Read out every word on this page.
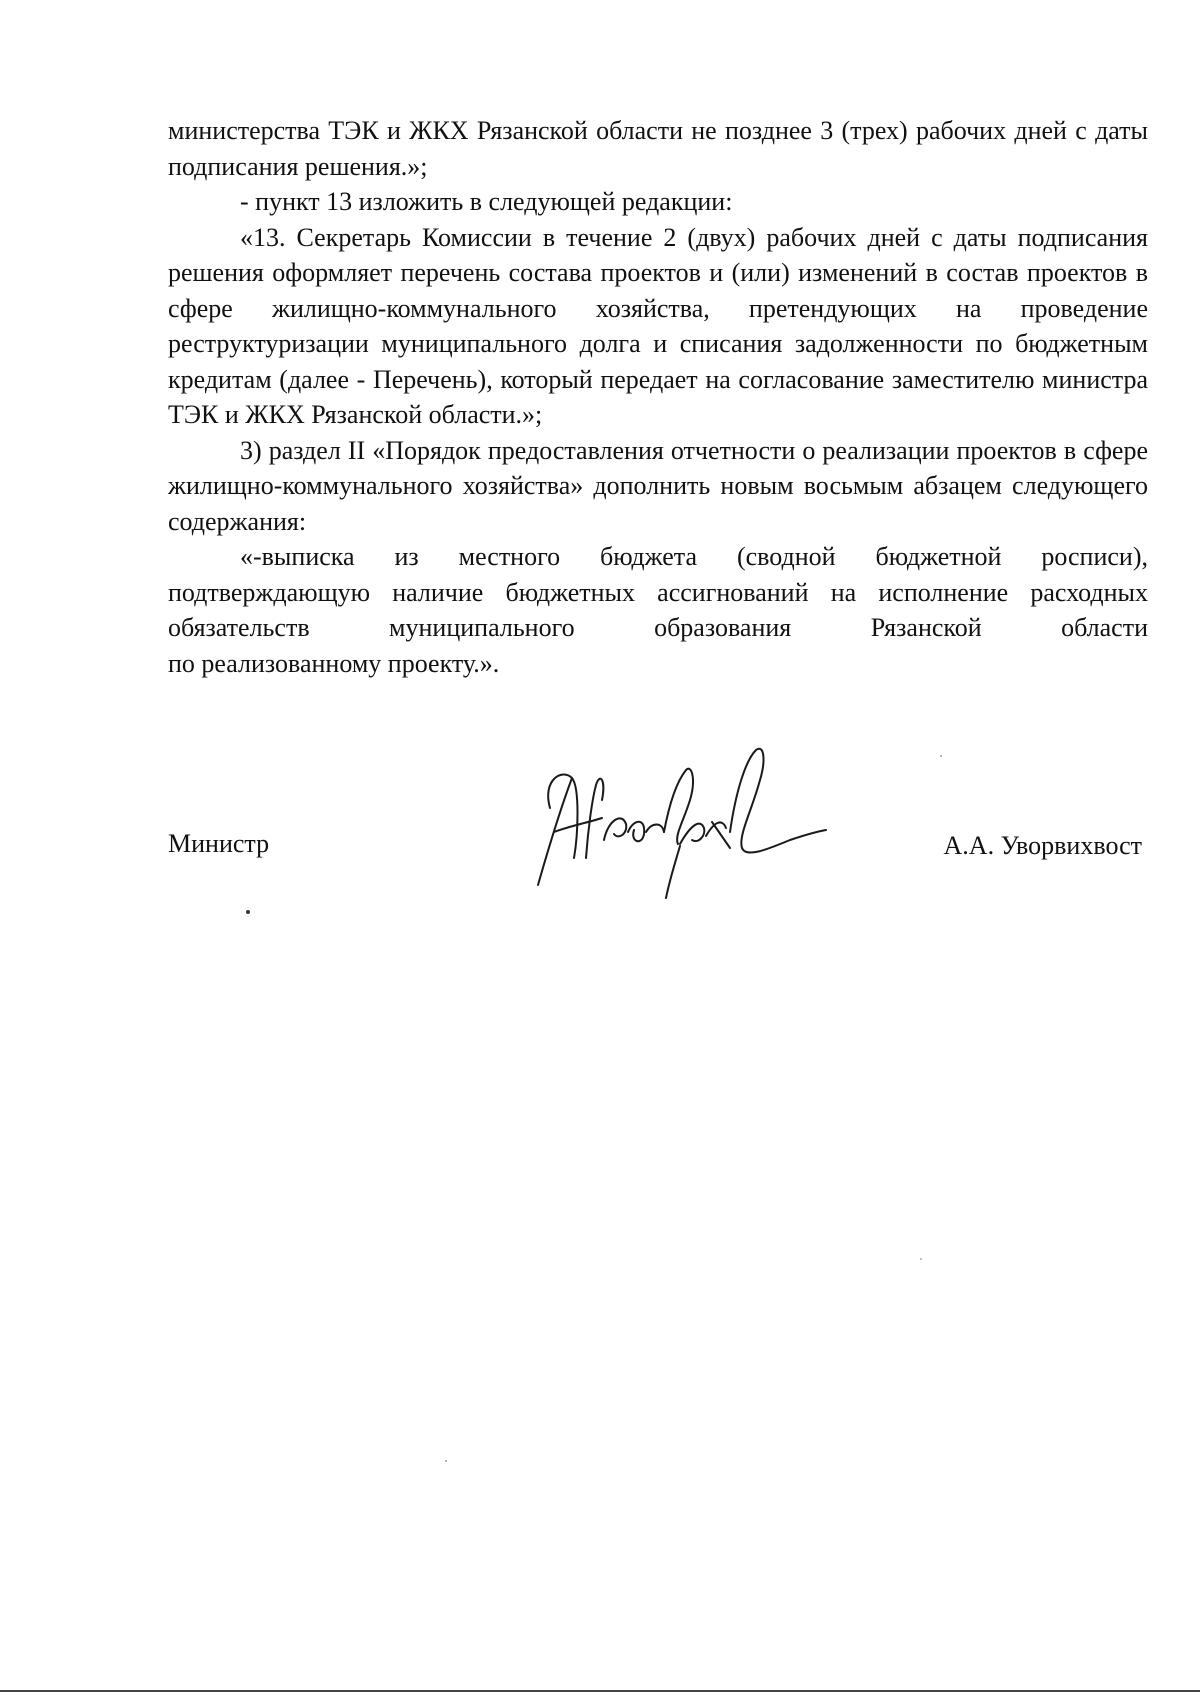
министерства ТЭК и ЖКХ Рязанской области не позднее 3 (трех) рабочих дней с даты подписания решения.»;

- пункт 13 изложить в следующей редакции:

«13. Секретарь Комиссии в течение 2 (двух) рабочих дней с даты подписания решения оформляет перечень состава проектов и (или) изменений в состав проектов в сфере жилищно-коммунального хозяйства, претендующих на проведение реструктуризации муниципального долга и списания задолженности по бюджетным кредитам (далее - Перечень), который передает на согласование заместителю министра ТЭК и ЖКХ Рязанской области.»;

3) раздел II «Порядок предоставления отчетности о реализации проектов в сфере жилищно-коммунального хозяйства» дополнить новым восьмым абзацем следующего содержания:

«-выписка из местного бюджета (сводной бюджетной росписи), подтверждающую наличие бюджетных ассигнований на исполнение расходных обязательств муниципального образования Рязанской области

по реализованному проекту.».

Министр	А.А. Уворвихвост
